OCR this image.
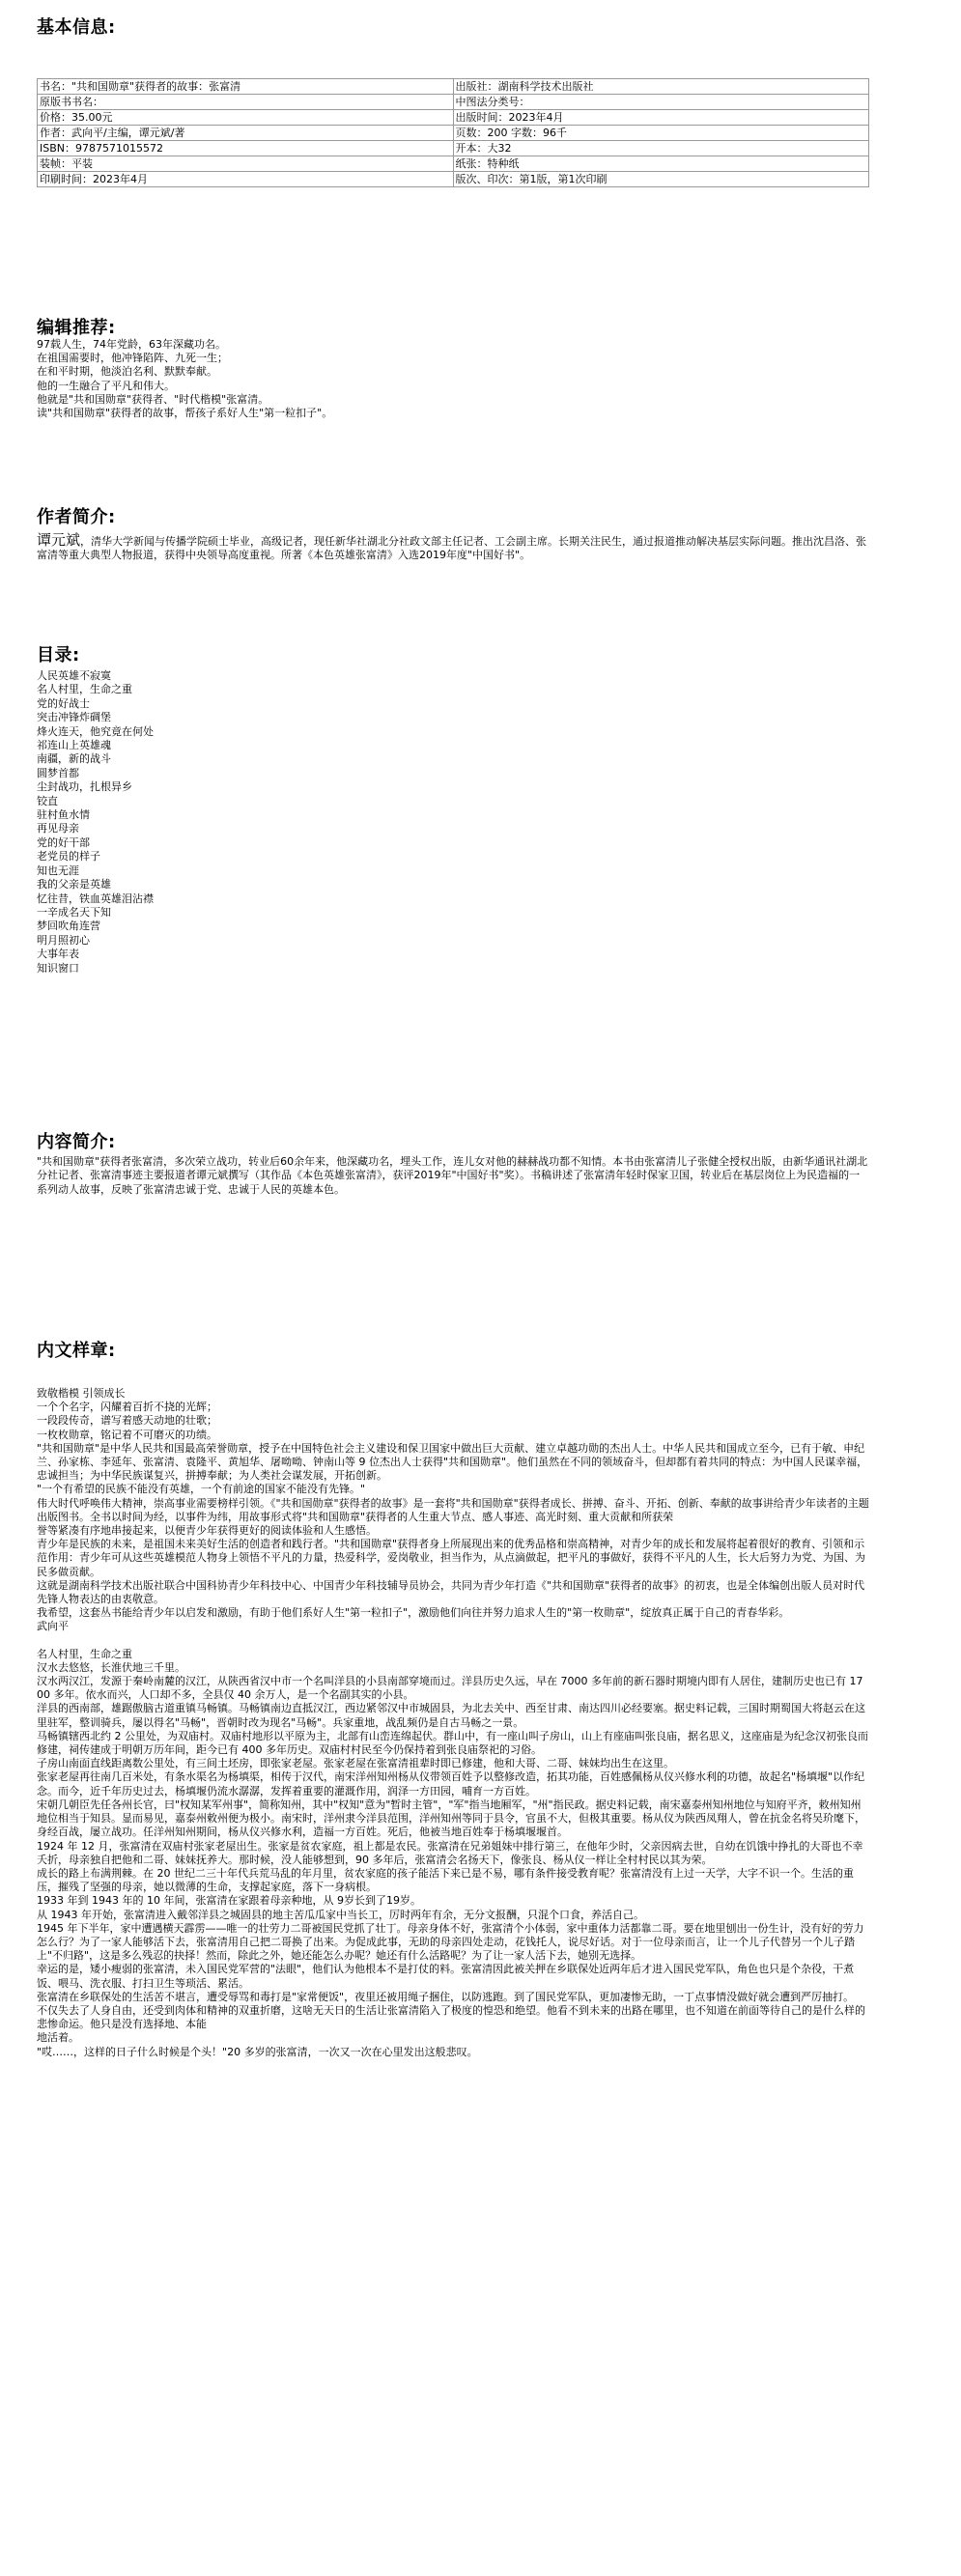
基本信息:
书名："共和国勋章"获得者的故事：张富清	出版社：湖南科学技术出版社
原版书书名：	中图法分类号：
价格：35.00元	出版时间：2023年4月
作者：武向平/主编，谭元斌/著	页数：200 字数：96千
ISBN：9787571015572	开本：大32
装帧：平装	纸张：特种纸
印刷时间：2023年4月	版次、印次：第1版，第1次印刷
编辑推荐:
97载人生，74年党龄，63年深藏功名。
在祖国需要时，他冲锋陷阵、九死一生；
在和平时期，他淡泊名利、默默奉献。
他的一生融合了平凡和伟大。
他就是"共和国勋章"获得者、"时代楷模"张富清。
读"共和国勋章"获得者的故事，帮孩子系好人生"第一粒扣子"。
作者简介:
谭元斌，清华大学新闻与传播学院硕士毕业，高级记者，现任新华社湖北分社政文部主任记者、工会副主席。长期关注民生，通过报道推动解决基层实际问题。推出沈昌洛、张富清等重大典型人物报道，获得中央领导高度重视。所著《本色英雄张富清》入选2019年度"中国好书"。
目录:
人民英雄不寂寞
名人村里，生命之重
党的好战士
突击冲锋炸碉堡
烽火连天，他究竟在何处
祁连山上英雄魂
南疆，新的战斗
圆梦首都
尘封战功，扎根异乡
铰直
驻村鱼水情
再见母亲
党的好干部
老党员的样子
知也无涯
我的父亲是英雄
忆往昔，铁血英雄泪沾襟
一辛成名天下知
梦回吹角连营
明月照初心
大事年表
知识窗口
内容简介:
"共和国勋章"获得者张富清，多次荣立战功，转业后60余年来，他深藏功名，埋头工作，连儿女对他的赫赫战功都不知情。本书由张富清儿子张健全授权出版，由新华通讯社湖北分社记者、张富清事迹主要报道者谭元斌撰写（其作品《本色英雄张富清》，获评2019年"中国好书"奖）。书稿讲述了张富清年轻时保家卫国，转业后在基层岗位上为民造福的一系列动人故事，反映了张富清忠诚于党、忠诚于人民的英雄本色。
内文样章:
致敬楷模 引领成长
一个个名字，闪耀着百折不挠的光辉；
一段段传奇，谱写着感天动地的壮歌；
一枚枚勋章，铭记着不可磨灭的功绩。
"共和国勋章"是中华人民共和国最高荣誉勋章，授予在中国特色社会主义建设和保卫国家中做出巨大贡献、建立卓越功勋的杰出人士。中华人民共和国成立至今，已有于敏、申纪兰、孙家栋、李延年、张富清、袁隆平、黄旭华、屠呦呦、钟南山等 9 位杰出人士获得"共和国勋章"。他们虽然在不同的领域奋斗，但却都有着共同的特点：为中国人民谋幸福，忠诚担当；为中华民族谋复兴，拼搏奉献；为人类社会谋发展，开拓创新。
"一个有希望的民族不能没有英雄，一个有前途的国家不能没有先锋。"
伟大时代呼唤伟大精神，崇高事业需要榜样引领。《"共和国勋章"获得者的故事》是一套将"共和国勋章"获得者成长、拼搏、奋斗、开拓、创新、奉献的故事讲给青少年读者的主题出版图书。全书以时间为经，以事件为纬，用故事形式将"共和国勋章"获得者的人生重大节点、感人事迹、高光时刻、重大贡献和所获荣
誉等紧凑有序地串接起来，以便青少年获得更好的阅读体验和人生感悟。
青少年是民族的未来，是祖国未来美好生活的创造者和践行者。"共和国勋章"获得者身上所展现出来的优秀品格和崇高精神，对青少年的成长和发展将起着很好的教育、引领和示范作用：青少年可从这些英雄模范人物身上领悟不平凡的力量，热爱科学，爱岗敬业，担当作为，从点滴做起，把平凡的事做好，获得不平凡的人生，长大后努力为党、为国、为民多做贡献。
这就是湖南科学技术出版社联合中国科协青少年科技中心、中国青少年科技辅导员协会，共同为青少年打造《"共和国勋章"获得者的故事》的初衷，也是全体编创出版人员对时代先锋人物表达的由衷敬意。
我希望，这套丛书能给青少年以启发和激励，有助于他们系好人生"第一粒扣子"，激励他们向往并努力追求人生的"第一枚勋章"，绽放真正属于自己的青春华彩。
武向平
名人村里，生命之重
汉水去悠悠，长淮伏地三千里。
汉水两汉江，发源于秦岭南麓的汉江，从陕西省汉中市一个名叫洋县的小县南部穿境而过。洋县历史久远，早在 7000 多年前的新石器时期境内即有人居住，建制历史也已有 1700 多年。依水而兴，人口却不多，全县仅 40 余万人，是一个名副其实的小县。
洋县的西南部，雄踞傲脑古道重镇马畅镇。马畅镇南边直抵汉江，西边紧邻汉中市城固县，为北去关中、西至甘肃、南达四川必经要塞。据史料记载，三国时期蜀国大将赵云在这里驻军，整训骑兵，屡以得名"马畅"，晋朝时改为现名"马畅"。兵家重地，战乱频仍是自古马畅之一景。
马畅镇辖西北约 2 公里处，为双庙村。双庙村地形以平原为主，北部有山峦连绵起伏。群山中，有一座山叫子房山，山上有座庙叫张良庙，据名思义，这座庙是为纪念汉初张良而修建，祠传建成于明朝万历年间，距今已有 400 多年历史。双庙村村民至今仍保持着到张良庙祭祀的习俗。
子房山南面直线距离数公里处，有三间土坯房，即张家老屋。张家老屋在张富清祖辈时即已修建，他和大哥、二哥、妹妹均出生在这里。
张家老屋再往南几百米处，有条水渠名为杨填渠，相传于汉代，南宋洋州知州杨从仪带领百姓予以整修改造，拓其功能，百姓感佩杨从仪兴修水利的功德，故起名"杨填堰"以作纪念。而今，近千年历史过去，杨填堰仍流水潺潺，发挥着重要的灌溉作用，润泽一方田园，哺育一方百姓。
宋朝几朝臣先任各州长官，曰"权知某军州事"，简称知州，其中"权知"意为"暂时主管"，"军"指当地厢军，"州"指民政。据史料记载，南宋嘉泰州知州地位与知府平齐，敕州知州地位相当于知县。显而易见，嘉泰州敕州便为极小。南宋时，洋州隶今洋县范围，洋州知州等同于县令，官虽不大，但极其重要。杨从仪为陕西凤翔人，曾在抗金名将吴玠麾下，身经百战，屡立战功。任洋州知州期间，杨从仪兴修水利，造福一方百姓。死后，他被当地百姓奉于杨填堰堰首。
1924 年 12 月，张富清在双庙村张家老屋出生。张家是贫农家庭，祖上都是农民。张富清在兄弟姐妹中排行第三，在他年少时，父亲因病去世，自幼在饥饿中挣扎的大哥也不幸夭折，母亲独自把他和二哥、妹妹抚养大。那时候，没人能够想到，90 多年后，张富清会名扬天下，像张良、杨从仪一样让全村村民以其为荣。
成长的路上布满荆棘。在 20 世纪二三十年代兵荒马乱的年月里，贫农家庭的孩子能活下来已是不易，哪有条件接受教育呢？张富清没有上过一天学，大字不识一个。生活的重压，摧残了坚强的母亲，她以微薄的生命，支撑起家庭，落下一身病根。
1933 年到 1943 年的 10 年间，张富清在家跟着母亲种地，从 9岁长到了19岁。
从 1943 年开始，张富清进入戴邻洋县之城固县的地主苦瓜瓜家中当长工，厉时两年有余，无分文报酬，只混个口食，养活自己。
1945 年下半年，家中遭遇横天霹雳——唯一的壮劳力二哥被国民党抓了壮丁。母亲身体不好，张富清个小体弱，家中重体力活都靠二哥。要在地里刨出一份生计，没有好的劳力怎么行？为了一家人能够活下去，张富清用自己把二哥换了出来。为促成此事，无助的母亲四处走动，花钱托人，说尽好话。对于一位母亲而言，让一个儿子代替另一个儿子踏上"不归路"，这是多么残忍的抉择！然而，除此之外，她还能怎么办呢？她还有什么活路呢？为了让一家人活下去，她别无选择。
幸运的是，矮小瘦弱的张富清，未入国民党军营的"法眼"，他们认为他根本不是打仗的料。张富清因此被关押在乡联保处近两年后才进入国民党军队，角色也只是个杂役，干煮饭、喂马、洗衣服、打扫卫生等琐活、累活。
张富清在乡联保处的生活苦不堪言，遭受辱骂和毒打是"家常便饭"，夜里还被用绳子捆住，以防逃跑。到了国民党军队，更加凄惨无助，一丁点事情没做好就会遭到严厉抽打。
不仅失去了人身自由，还受到肉体和精神的双重折磨，这啥无天日的生活让张富清陷入了极度的惶恐和绝望。他看不到未来的出路在哪里，也不知道在前面等待自己的是什么样的悲惨命运。他只是没有选择地、本能
地活着。
"哎……，这样的日子什么时候是个头！"20 多岁的张富清，一次又一次在心里发出这般悲叹。
